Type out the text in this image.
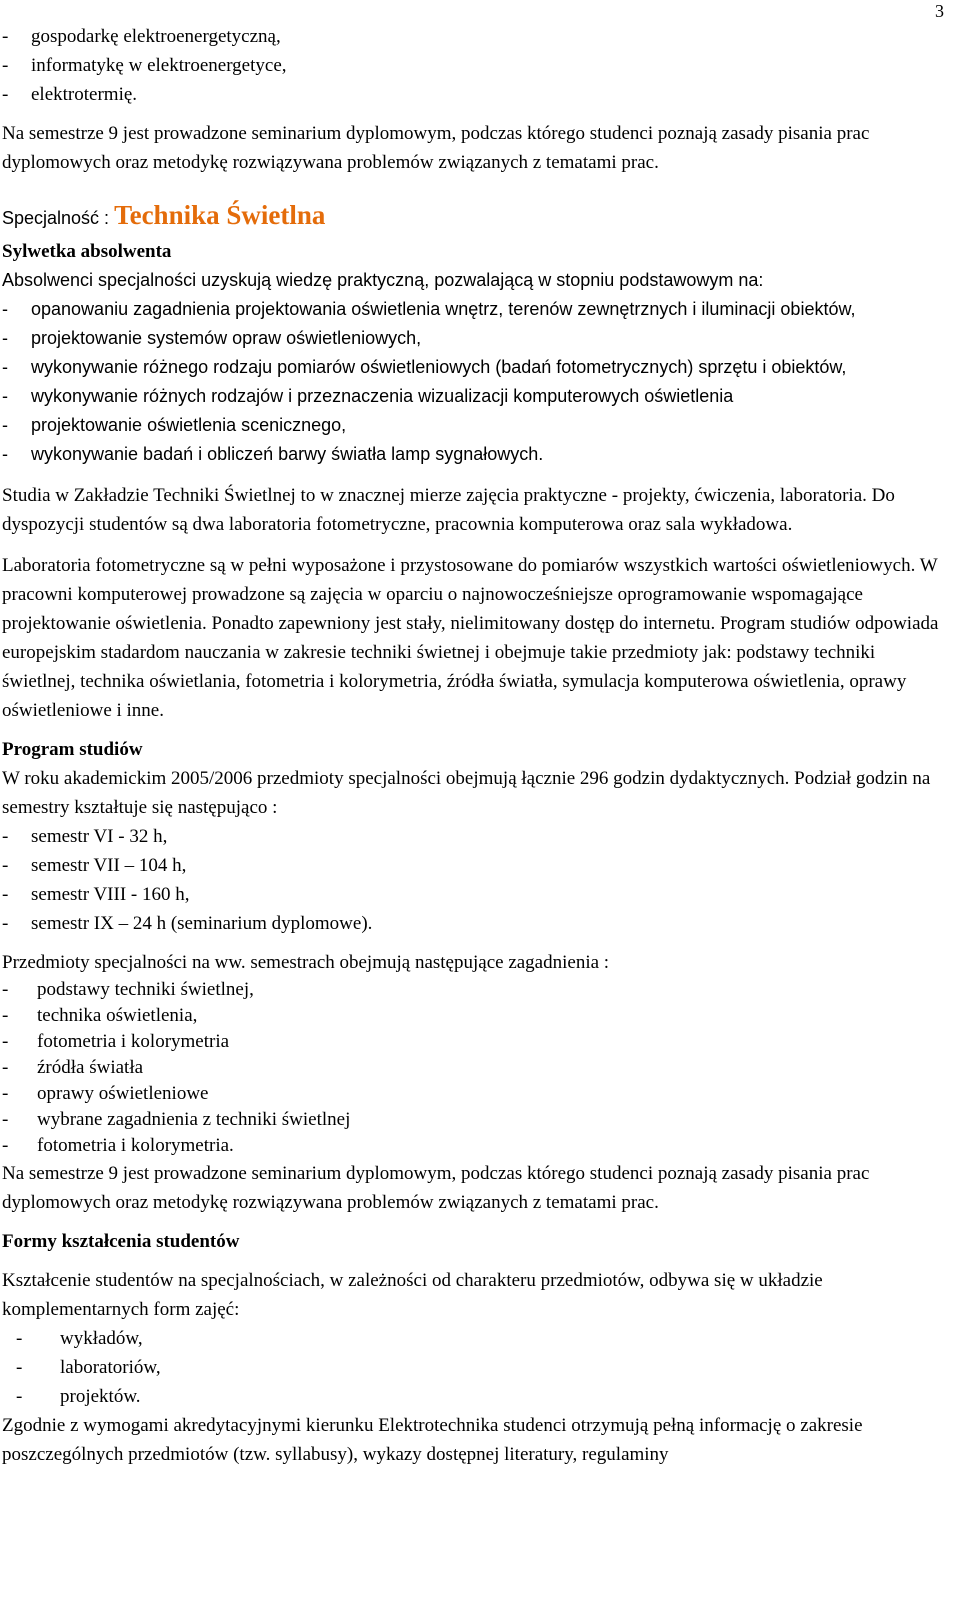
3
- gospodarkę elektroenergetyczną,
- informatykę w elektroenergetyce,
- elektrotermię.

Na semestrze 9 jest prowadzone seminarium dyplomowym, podczas którego studenci poznają zasady pisania prac dyplomowych oraz metodykę rozwiązywana problemów związanych z tematami prac.

Specjalność : Technika Świetlna

Sylwetka absolwenta

Absolwenci specjalności uzyskują wiedzę praktyczną, pozwalającą w stopniu podstawowym na:

- opanowaniu zagadnienia projektowania oświetlenia wnętrz, terenów zewnętrznych i iluminacji obiektów,
- projektowanie systemów opraw oświetleniowych,
- wykonywanie różnego rodzaju pomiarów oświetleniowych (badań fotometrycznych) sprzętu i obiektów,
- wykonywanie różnych rodzajów i przeznaczenia wizualizacji komputerowych oświetlenia
- projektowanie oświetlenia scenicznego,
- wykonywanie badań i obliczeń barwy światła lamp sygnałowych.

Studia w Zakładzie Techniki Świetlnej to w znacznej mierze zajęcia praktyczne - projekty, ćwiczenia, laboratoria. Do dyspozycji studentów są dwa laboratoria fotometryczne, pracownia komputerowa oraz sala wykładowa.

Laboratoria fotometryczne są w pełni wyposażone i przystosowane do pomiarów wszystkich wartości oświetleniowych. W pracowni komputerowej prowadzone są zajęcia w oparciu o najnowocześniejsze oprogramowanie wspomagające projektowanie oświetlenia. Ponadto zapewniony jest stały, nielimitowany dostęp do internetu. Program studiów odpowiada europejskim stadardom nauczania w zakresie techniki świetnej i obejmuje takie przedmioty jak: podstawy techniki świetlnej, technika oświetlania, fotometria i kolorymetria, źródła światła, symulacja komputerowa oświetlenia, oprawy oświetleniowe i inne.

Program studiów

W roku akademickim 2005/2006 przedmioty specjalności obejmują łącznie 296 godzin dydaktycznych. Podział godzin na semestry kształtuje się następująco :

- semestr VI - 32 h,
- semestr VII – 104 h,
- semestr VIII - 160 h,
- semestr IX – 24 h (seminarium dyplomowe).

Przedmioty specjalności na ww. semestrach obejmują następujące zagadnienia :

- podstawy techniki świetlnej,
- technika oświetlenia,
- fotometria i kolorymetria
- źródła światła
- oprawy oświetleniowe
- wybrane zagadnienia z techniki świetlnej
- fotometria i kolorymetria.

Na semestrze 9 jest prowadzone seminarium dyplomowym, podczas którego studenci poznają zasady pisania prac dyplomowych oraz metodykę rozwiązywana problemów związanych z tematami prac.

Formy kształcenia studentów

Kształcenie studentów na specjalnościach, w zależności od charakteru przedmiotów, odbywa się w układzie komplementarnych form zajęć:

- wykładów,
- laboratoriów,
- projektów.

Zgodnie z wymogami akredytacyjnymi kierunku Elektrotechnika studenci otrzymują pełną informację o zakresie poszczególnych przedmiotów (tzw. syllabusy), wykazy dostępnej literatury, regulaminy
